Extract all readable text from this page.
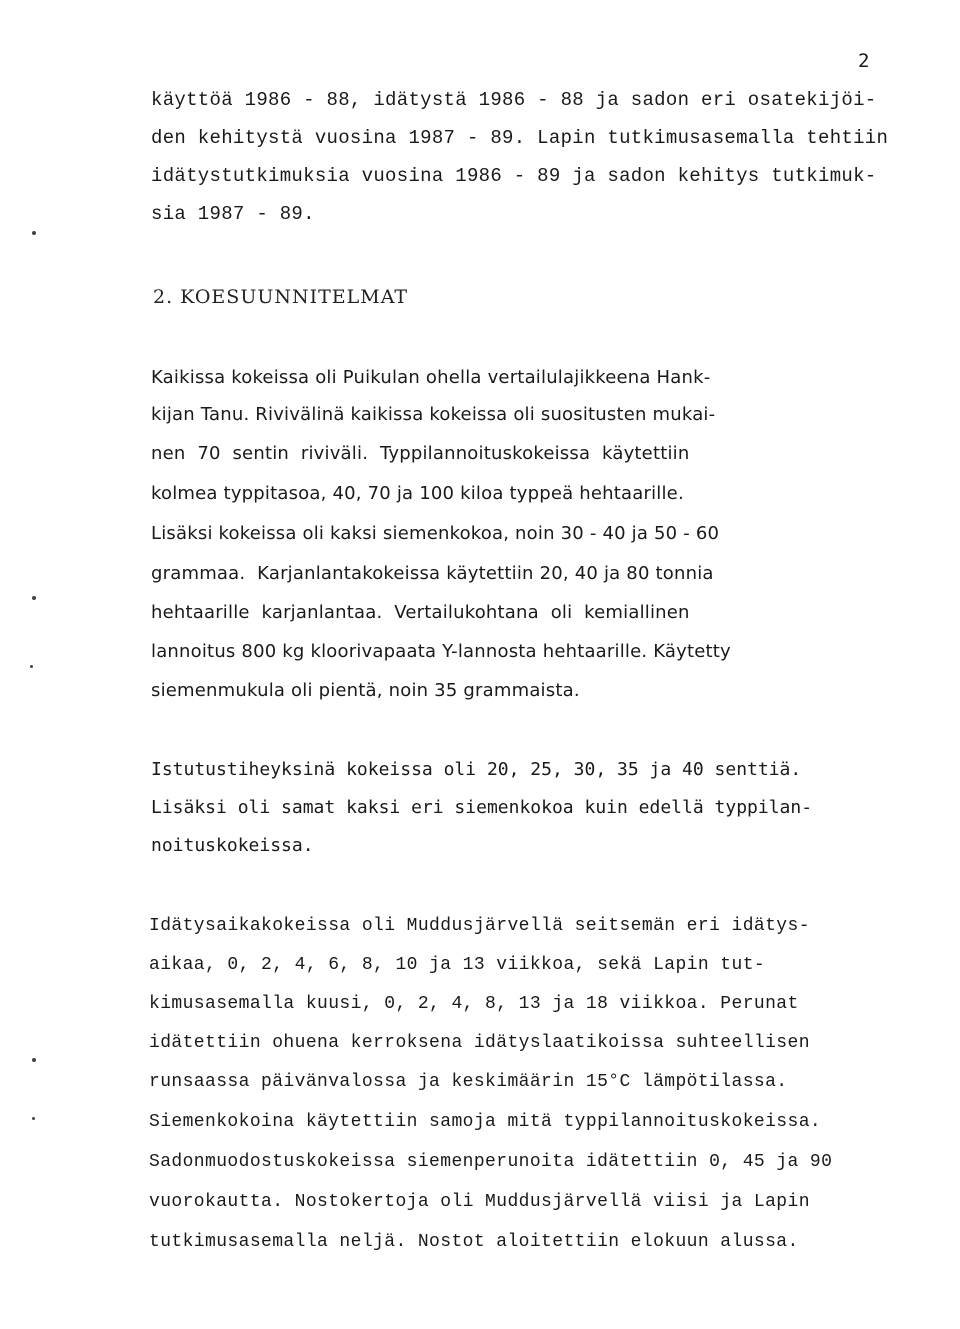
2
käyttöä 1986 - 88, idätystä 1986 - 88 ja sadon eri osatekijöi-
den kehitystä vuosina 1987 - 89. Lapin tutkimusasemalla tehtiin
idätystutkimuksia vuosina 1986 - 89 ja sadon kehitys tutkimuk-
sia 1987 - 89.
2. KOESUUNNITELMAT
Kaikissa kokeissa oli Puikulan ohella vertailulajikkeena Hank-
kijan Tanu. Rivivälinä kaikissa kokeissa oli suositusten mukai-
nen  70  sentin  riviväli.  Typpilannoituskokeissa  käytettiin
kolmea typpitasoa, 40, 70 ja 100 kiloa typpeä hehtaarille.
Lisäksi kokeissa oli kaksi siemenkokoa, noin 30 - 40 ja 50 - 60
grammaa.  Karjanlantakokeissa käytettiin 20, 40 ja 80 tonnia
hehtaarille  karjanlantaa.  Vertailukohtana  oli  kemiallinen
lannoitus 800 kg kloorivapaata Y-lannosta hehtaarille. Käytetty
siemenmukula oli pientä, noin 35 grammaista.
Istutustiheyksinä kokeissa oli 20, 25, 30, 35 ja 40 senttiä.
Lisäksi oli samat kaksi eri siemenkokoa kuin edellä typpilan-
noituskokeissa.
Idätysaikakokeissa oli Muddusjärvellä seitsemän eri idätys-
aikaa, 0, 2, 4, 6, 8, 10 ja 13 viikkoa, sekä Lapin tut-
kimusasemalla kuusi, 0, 2, 4, 8, 13 ja 18 viikkoa. Perunat
idätettiin ohuena kerroksena idätyslaatikoissa suhteellisen
runsaassa päivänvalossa ja keskimäärin 15°C lämpötilassa.
Siemenkokoina käytettiin samoja mitä typpilannoituskokeissa.
Sadonmuodostuskokeissa siemenperunoita idätettiin 0, 45 ja 90
vuorokautta. Nostokertoja oli Muddusjärvellä viisi ja Lapin
tutkimusasemalla neljä. Nostot aloitettiin elokuun alussa.
